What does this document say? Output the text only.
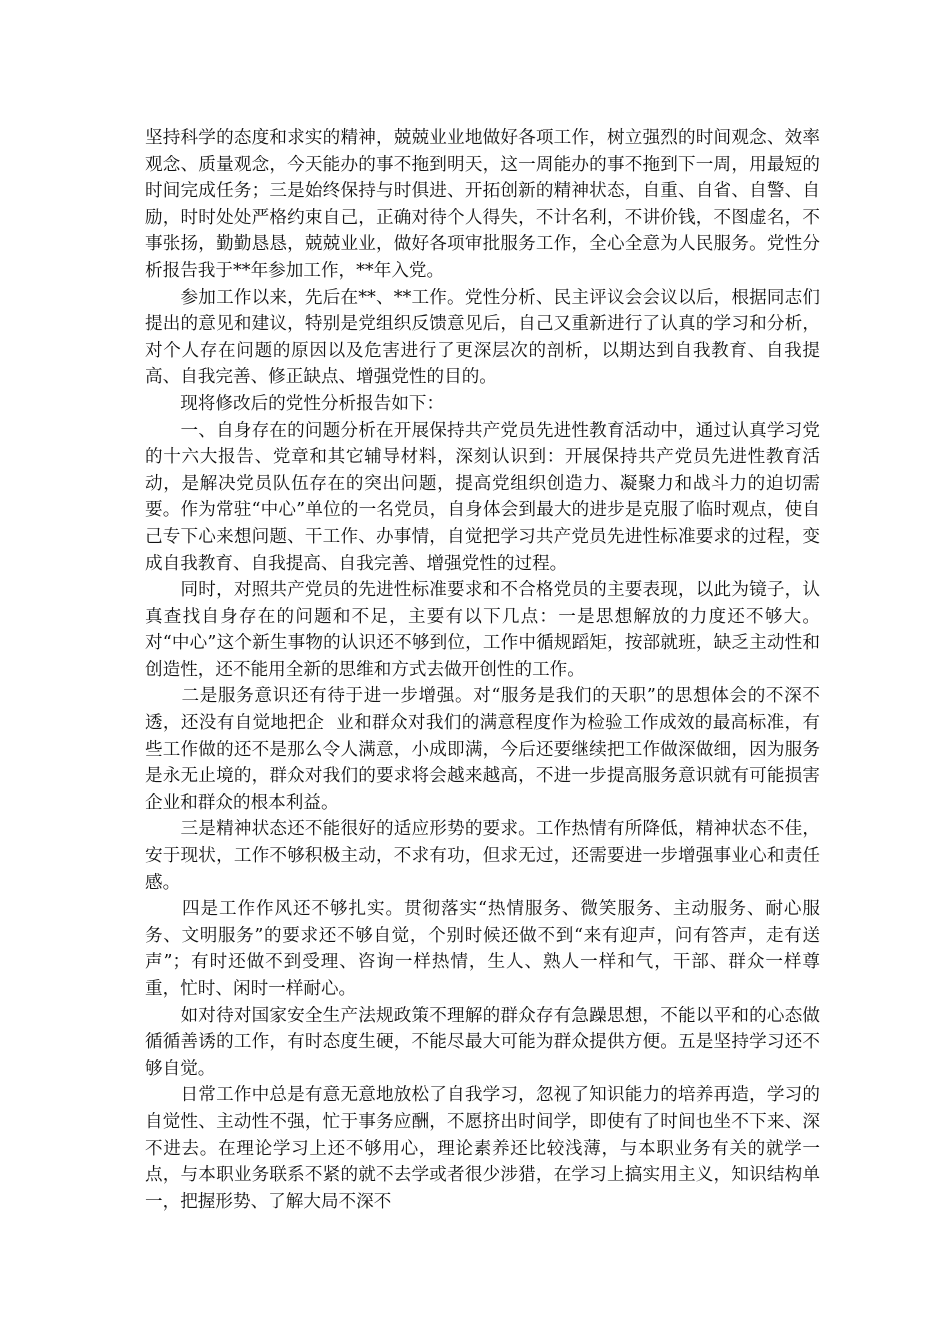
坚持科学的态度和求实的精神，兢兢业业地做好各项工作，树立强烈的时间观念、效率观念、质量观念，今天能办的事不拖到明天，这一周能办的事不拖到下一周，用最短的时间完成任务；三是始终保持与时俱进、开拓创新的精神状态，自重、自省、自警、自励，时时处处严格约束自己，正确对待个人得失，不计名利，不讲价钱，不图虚名，不事张扬，勤勤恳恳，兢兢业业，做好各项审批服务工作，全心全意为人民服务。党性分析报告我于**年参加工作，**年入党。

　　参加工作以来，先后在**、**工作。党性分析、民主评议会会议以后，根据同志们提出的意见和建议，特别是党组织反馈意见后，自己又重新进行了认真的学习和分析，对个人存在问题的原因以及危害进行了更深层次的剖析，以期达到自我教育、自我提高、自我完善、修正缺点、增强党性的目的。

　　现将修改后的党性分析报告如下：

　　一、自身存在的问题分析在开展保持共产党员先进性教育活动中，通过认真学习党的十六大报告、党章和其它辅导材料，深刻认识到：开展保持共产党员先进性教育活动，是解决党员队伍存在的突出问题，提高党组织创造力、凝聚力和战斗力的迫切需要。作为常驻“中心”单位的一名党员，自身体会到最大的进步是克服了临时观点，使自己专下心来想问题、干工作、办事情，自觉把学习共产党员先进性标准要求的过程，变成自我教育、自我提高、自我完善、增强党性的过程。

　　同时，对照共产党员的先进性标准要求和不合格党员的主要表现，以此为镜子，认真查找自身存在的问题和不足，主要有以下几点：一是思想解放的力度还不够大。对“中心”这个新生事物的认识还不够到位，工作中循规蹈矩，按部就班，缺乏主动性和创造性，还不能用全新的思维和方式去做开创性的工作。

　　二是服务意识还有待于进一步增强。对“服务是我们的天职”的思想体会的不深不透，还没有自觉地把企  业和群众对我们的满意程度作为检验工作成效的最高标准，有些工作做的还不是那么令人满意，小成即满，今后还要继续把工作做深做细，因为服务是永无止境的，群众对我们的要求将会越来越高，不进一步提高服务意识就有可能损害企业和群众的根本利益。

　　三是精神状态还不能很好的适应形势的要求。工作热情有所降低，精神状态不佳，安于现状，工作不够积极主动，不求有功，但求无过，还需要进一步增强事业心和责任感。

　　四是工作作风还不够扎实。贯彻落实“热情服务、微笑服务、主动服务、耐心服务、文明服务”的要求还不够自觉，个别时候还做不到“来有迎声，问有答声，走有送声”；有时还做不到受理、咨询一样热情，生人、熟人一样和气，干部、群众一样尊重，忙时、闲时一样耐心。

　　如对待对国家安全生产法规政策不理解的群众存有急躁思想，不能以平和的心态做循循善诱的工作，有时态度生硬，不能尽最大可能为群众提供方便。五是坚持学习还不够自觉。

　　日常工作中总是有意无意地放松了自我学习，忽视了知识能力的培养再造，学习的自觉性、主动性不强，忙于事务应酬，不愿挤出时间学，即使有了时间也坐不下来、深不进去。在理论学习上还不够用心，理论素养还比较浅薄，与本职业务有关的就学一点，与本职业务联系不紧的就不去学或者很少涉猎，在学习上搞实用主义，知识结构单一，把握形势、了解大局不深不
